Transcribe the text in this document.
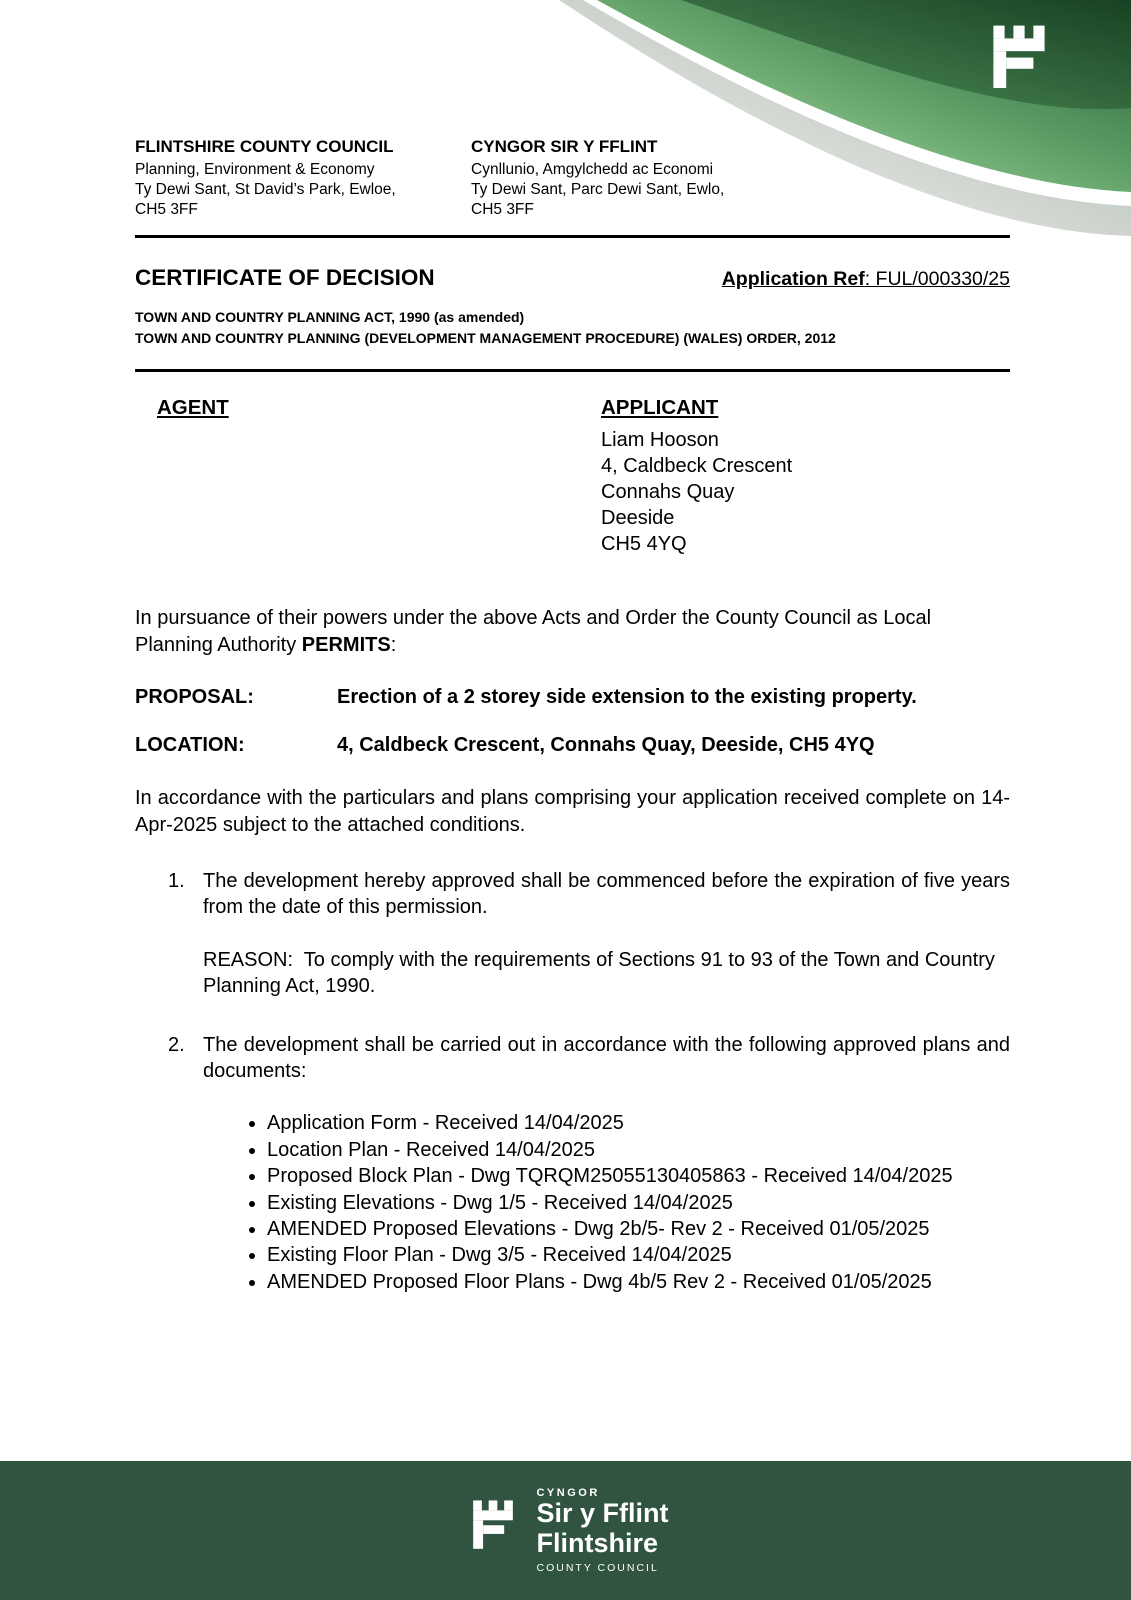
FLINTSHIRE COUNTY COUNCIL
Planning, Environment & Economy
Ty Dewi Sant, St David’s Park, Ewloe,
CH5 3FF
CYNGOR SIR Y FFLINT
Cynllunio, Amgylchedd ac Economi
Ty Dewi Sant, Parc Dewi Sant, Ewlo,
CH5 3FF
CERTIFICATE OF DECISION	Application Ref: FUL/000330/25
TOWN AND COUNTRY PLANNING ACT, 1990 (as amended)
TOWN AND COUNTRY PLANNING (DEVELOPMENT MANAGEMENT PROCEDURE) (WALES) ORDER, 2012
AGENT	APPLICANT
Liam Hooson
4, Caldbeck Crescent
Connahs Quay
Deeside
CH5 4YQ

In pursuance of their powers under the above Acts and Order the County Council as Local Planning Authority PERMITS:

PROPOSAL:	Erection of a 2 storey side extension to the existing property.
LOCATION:	4, Caldbeck Crescent, Connahs Quay, Deeside, CH5 4YQ

In accordance with the particulars and plans comprising your application received complete on 14-Apr-2025 subject to the attached conditions.

1. The development hereby approved shall be commenced before the expiration of five years from the date of this permission.

REASON:  To comply with the requirements of Sections 91 to 93 of the Town and Country Planning Act, 1990.

2. The development shall be carried out in accordance with the following approved plans and documents:

• Application Form - Received 14/04/2025
• Location Plan - Received 14/04/2025
• Proposed Block Plan - Dwg TQRQM25055130405863 - Received 14/04/2025
• Existing Elevations - Dwg 1/5 - Received 14/04/2025
• AMENDED Proposed Elevations - Dwg 2b/5- Rev 2 - Received 01/05/2025
• Existing Floor Plan - Dwg 3/5 - Received 14/04/2025
• AMENDED Proposed Floor Plans - Dwg 4b/5 Rev 2 - Received 01/05/2025
CYNGOR
Sir y Fflint
Flintshire
COUNTY COUNCIL
